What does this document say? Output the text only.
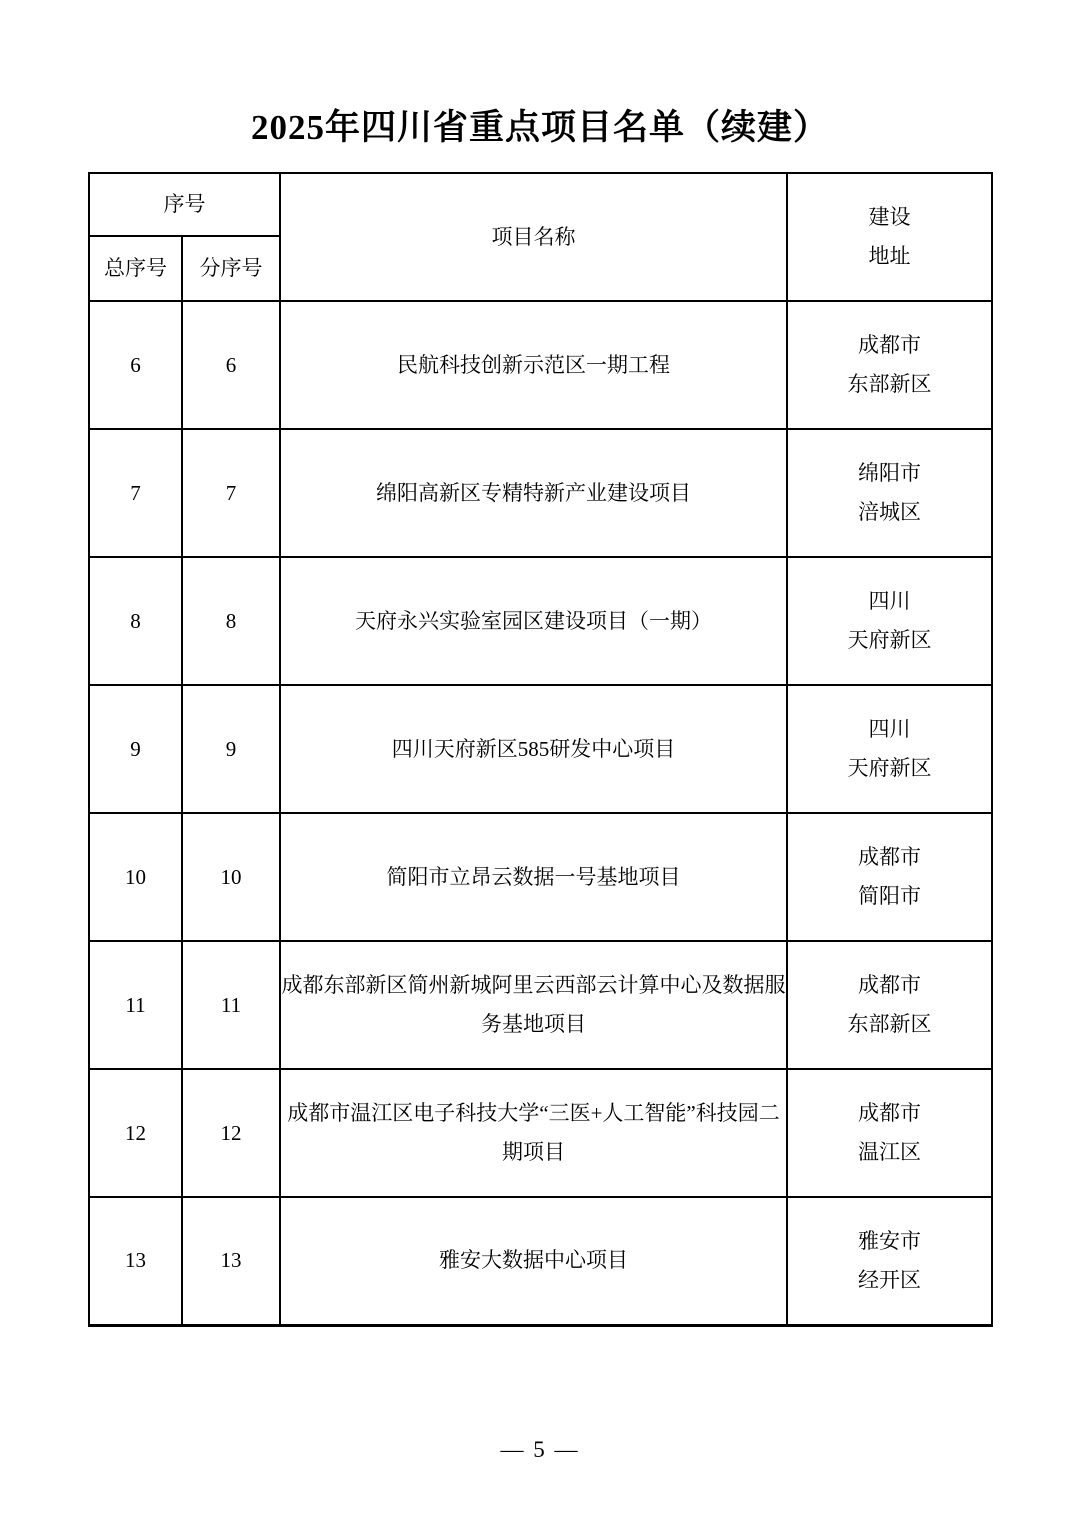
2025年四川省重点项目名单（续建）
序号		项目名称	建设
地址

总序号	分序号		
6	6	民航科技创新示范区一期工程	成都市
东部新区

7	7	绵阳高新区专精特新产业建设项目	绵阳市
涪城区

8	8	天府永兴实验室园区建设项目（一期）	四川
天府新区

9	9	四川天府新区585研发中心项目	四川
天府新区

10	10	简阳市立昂云数据一号基地项目	成都市
简阳市

11	11	成都东部新区简州新城阿里云西部云计算中心及数据服务基地项目	成都市
东部新区

12	12	成都市温江区电子科技大学“三医+人工智能”科技园二期项目	成都市
温江区

13	13	雅安大数据中心项目	雅安市
经开区
— 5 —
